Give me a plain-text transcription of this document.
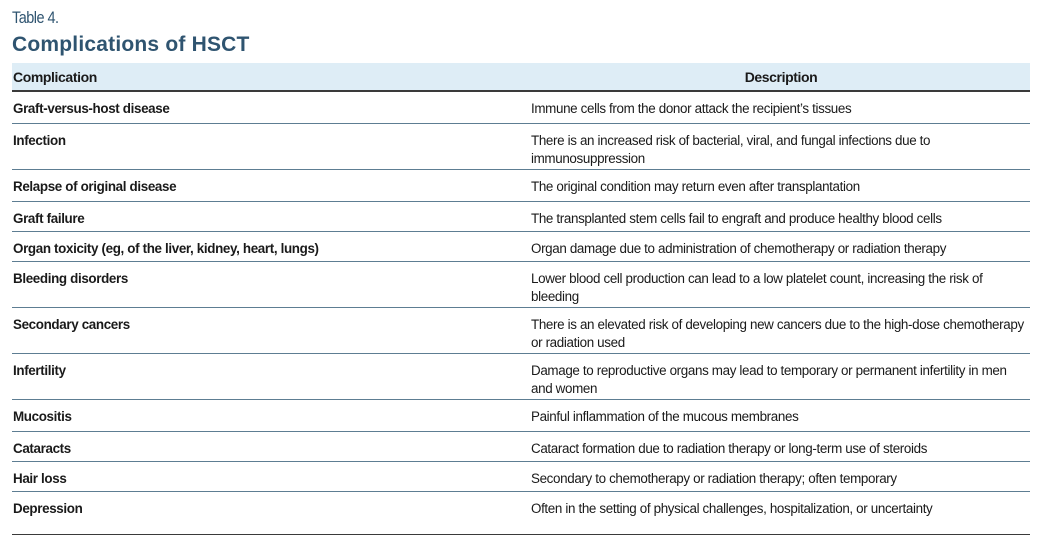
Table 4.
Complications of HSCT
Complication	Description
Graft-versus-host disease	Immune cells from the donor attack the recipient’s tissues
Infection	There is an increased risk of bacterial, viral, and fungal infections due to immunosuppression
Relapse of original disease	The original condition may return even after transplantation
Graft failure	The transplanted stem cells fail to engraft and produce healthy blood cells
Organ toxicity (eg, of the liver, kidney, heart, lungs)	Organ damage due to administration of chemotherapy or radiation therapy
Bleeding disorders	Lower blood cell production can lead to a low platelet count, increasing the risk of bleeding
Secondary cancers	There is an elevated risk of developing new cancers due to the high-dose chemotherapy or radiation used
Infertility	Damage to reproductive organs may lead to temporary or permanent infertility in men and women
Mucositis	Painful inflammation of the mucous membranes
Cataracts	Cataract formation due to radiation therapy or long-term use of steroids
Hair loss	Secondary to chemotherapy or radiation therapy; often temporary
Depression	Often in the setting of physical challenges, hospitalization, or uncertainty
